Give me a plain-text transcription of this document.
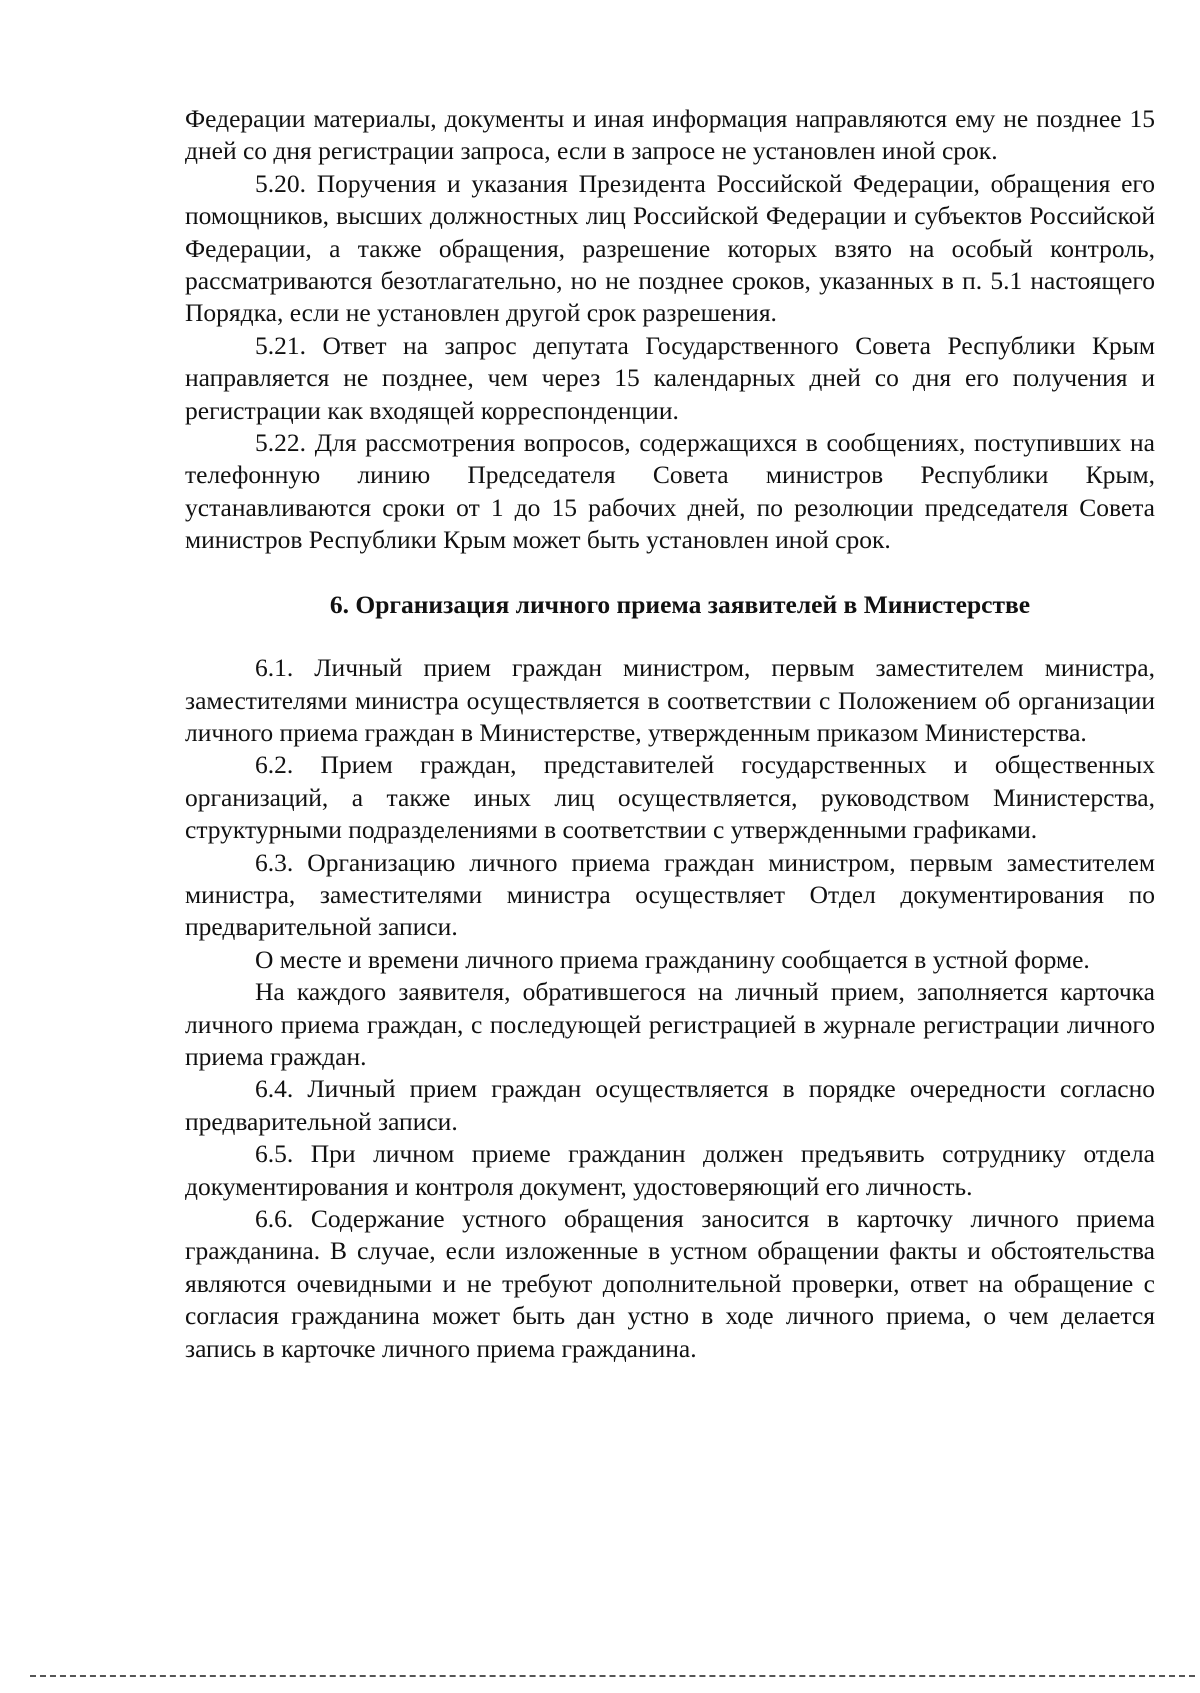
Федерации материалы, документы и иная информация направляются ему не позднее 15 дней со дня регистрации запроса, если в запросе не установлен иной срок.

5.20. Поручения и указания Президента Российской Федерации, обращения его помощников, высших должностных лиц Российской Федерации и субъектов Российской Федерации, а также обращения, разрешение которых взято на особый контроль, рассматриваются безотлагательно, но не позднее сроков, указанных в п. 5.1 настоящего Порядка, если не установлен другой срок разрешения.

5.21. Ответ на запрос депутата Государственного Совета Республики Крым направляется не позднее, чем через 15 календарных дней со дня его получения и регистрации как входящей корреспонденции.

5.22. Для рассмотрения вопросов, содержащихся в сообщениях, поступивших на телефонную линию Председателя Совета министров Республики Крым, устанавливаются сроки от 1 до 15 рабочих дней, по резолюции председателя Совета министров Республики Крым может быть установлен иной срок.

6. Организация личного приема заявителей в Министерстве

6.1. Личный прием граждан министром, первым заместителем министра, заместителями министра осуществляется в соответствии с Положением об организации личного приема граждан в Министерстве, утвержденным приказом Министерства.

6.2. Прием граждан, представителей государственных и общественных организаций, а также иных лиц осуществляется, руководством Министерства, структурными подразделениями в соответствии с утвержденными графиками.

6.3. Организацию личного приема граждан министром, первым заместителем министра, заместителями министра осуществляет Отдел документирования по предварительной записи.

О месте и времени личного приема гражданину сообщается в устной форме.

На каждого заявителя, обратившегося на личный прием, заполняется карточка личного приема граждан, с последующей регистрацией в журнале регистрации личного приема граждан.

6.4. Личный прием граждан осуществляется в порядке очередности согласно предварительной записи.

6.5. При личном приеме гражданин должен предъявить сотруднику отдела документирования и контроля документ, удостоверяющий его личность.

6.6. Содержание устного обращения заносится в карточку личного приема гражданина. В случае, если изложенные в устном обращении факты и обстоятельства являются очевидными и не требуют дополнительной проверки, ответ на обращение с согласия гражданина может быть дан устно в ходе личного приема, о чем делается запись в карточке личного приема гражданина.
